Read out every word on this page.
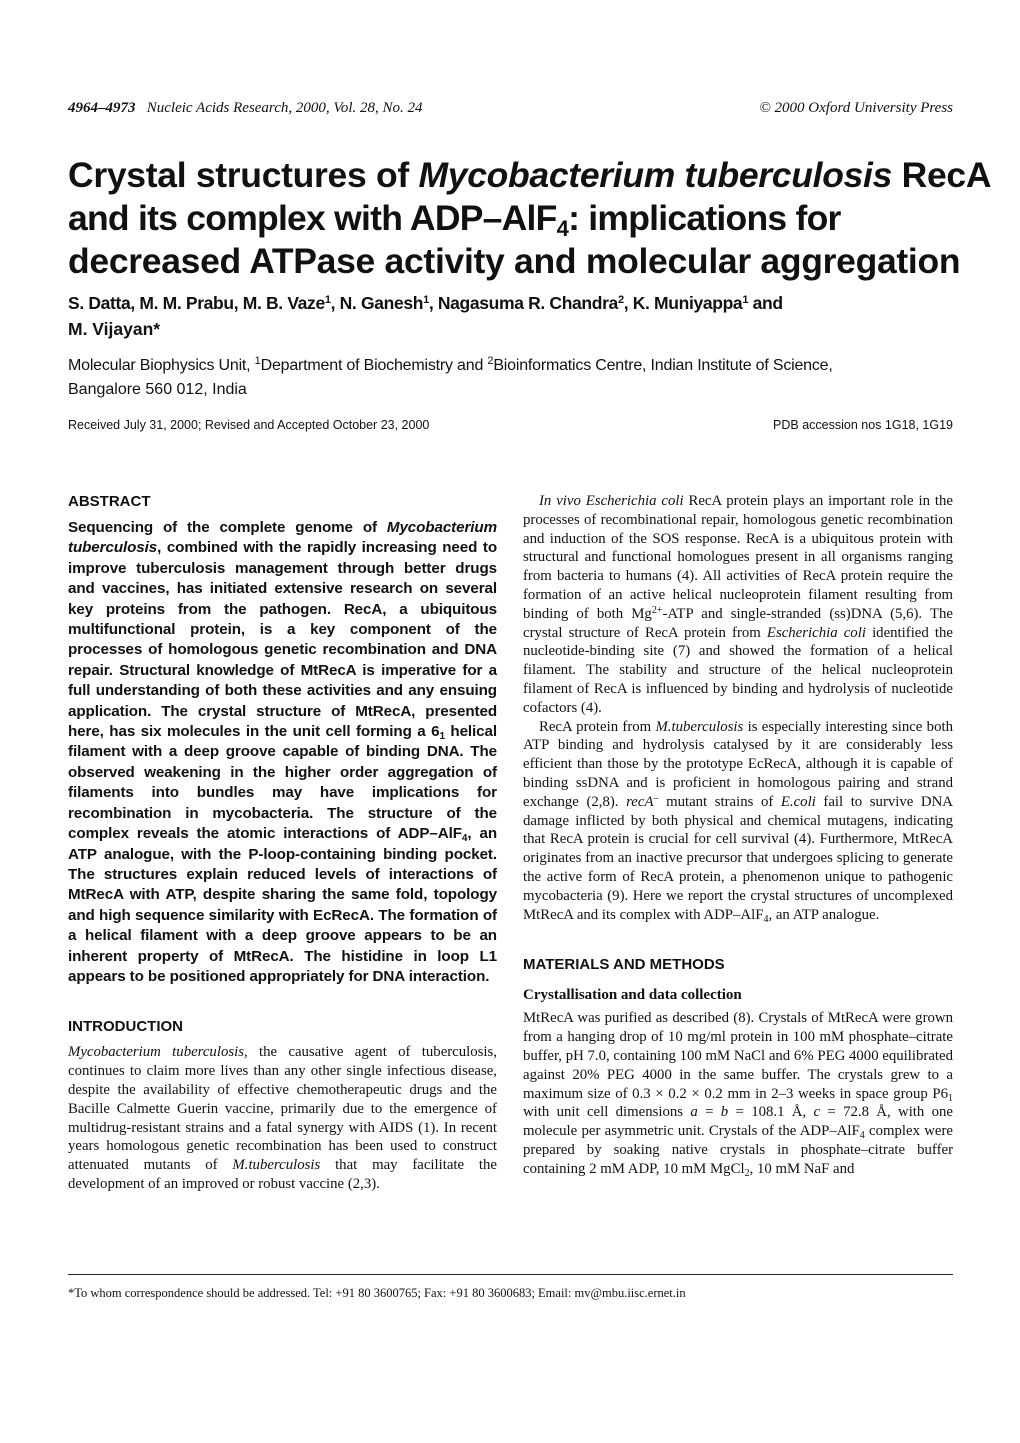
4964–4973 Nucleic Acids Research, 2000, Vol. 28, No. 24	© 2000 Oxford University Press
Crystal structures of Mycobacterium tuberculosis RecA
and its complex with ADP–AlF$_4$: implications for
decreased ATPase activity and molecular aggregation
S. Datta, M. M. Prabu, M. B. Vaze$^1$, N. Ganesh$^1$, Nagasuma R. Chandra$^2$, K. Muniyappa$^1$ and
M. Vijayan*
Molecular Biophysics Unit, $^1$Department of Biochemistry and $^2$Bioinformatics Centre, Indian Institute of Science,
Bangalore 560 012, India
Received July 31, 2000; Revised and Accepted October 23, 2000	PDB accession nos 1G18, 1G19
ABSTRACT
Sequencing of the complete genome of Mycobacterium tuberculosis, combined with the rapidly increasing need to improve tuberculosis management through better drugs and vaccines, has initiated extensive research on several key proteins from the pathogen. RecA, a ubiquitous multifunctional protein, is a key component of the processes of homologous genetic recombination and DNA repair. Structural knowledge of MtRecA is imperative for a full understanding of both these activities and any ensuing application. The crystal structure of MtRecA, presented here, has six molecules in the unit cell forming a $6_1$ helical filament with a deep groove capable of binding DNA. The observed weakening in the higher order aggregation of filaments into bundles may have implications for recombination in mycobacteria. The structure of the complex reveals the atomic interactions of ADP–AlF$_4$, an ATP analogue, with the P-loop-containing binding pocket. The structures explain reduced levels of interactions of MtRecA with ATP, despite sharing the same fold, topology and high sequence similarity with EcRecA. The formation of a helical filament with a deep groove appears to be an inherent property of MtRecA. The histidine in loop L1 appears to be positioned appropriately for DNA interaction.
INTRODUCTION

Mycobacterium tuberculosis, the causative agent of tuberculosis, continues to claim more lives than any other single infectious disease, despite the availability of effective chemotherapeutic drugs and the Bacille Calmette Guerin vaccine, primarily due to the emergence of multidrug-resistant strains and a fatal synergy with AIDS (1). In recent years homologous genetic recombination has been used to construct attenuated mutants of M.tuberculosis that may facilitate the development of an improved or robust vaccine (2,3).

In vivo Escherichia coli RecA protein plays an important role in the processes of recombinational repair, homologous genetic recombination and induction of the SOS response. RecA is a ubiquitous protein with structural and functional homologues present in all organisms ranging from bacteria to humans (4). All activities of RecA protein require the formation of an active helical nucleoprotein filament resulting from binding of both $Mg^{2+}$-ATP and single-stranded (ss)DNA (5,6). The crystal structure of RecA protein from Escherichia coli identified the nucleotide-binding site (7) and showed the formation of a helical filament. The stability and structure of the helical nucleoprotein filament of RecA is influenced by binding and hydrolysis of nucleotide cofactors (4).

RecA protein from M.tuberculosis is especially interesting since both ATP binding and hydrolysis catalysed by it are considerably less efficient than those by the prototype EcRecA, although it is capable of binding ssDNA and is proficient in homologous pairing and strand exchange (2,8). recA– mutant strains of E.coli fail to survive DNA damage inflicted by both physical and chemical mutagens, indicating that RecA protein is crucial for cell survival (4). Furthermore, MtRecA originates from an inactive precursor that undergoes splicing to generate the active form of RecA protein, a phenomenon unique to pathogenic mycobacteria (9). Here we report the crystal structures of uncomplexed MtRecA and its complex with ADP–AlF$_4$, an ATP analogue.

MATERIALS AND METHODS
Crystallisation and data collection

MtRecA was purified as described (8). Crystals of MtRecA were grown from a hanging drop of 10 mg/ml protein in 100 mM phosphate–citrate buffer, pH 7.0, containing 100 mM NaCl and 6% PEG 4000 equilibrated against 20% PEG 4000 in the same buffer. The crystals grew to a maximum size of 0.3 × 0.2 × 0.2 mm in 2–3 weeks in space group $P6_1$ with unit cell dimensions a = b = 108.1 Å, c = 72.8 Å, with one molecule per asymmetric unit. Crystals of the ADP–AlF$_4$ complex were prepared by soaking native crystals in phosphate–citrate buffer containing 2 mM ADP, 10 mM MgCl$_2$, 10 mM NaF and

*To whom correspondence should be addressed. Tel: +91 80 3600765; Fax: +91 80 3600683; Email: mv@mbu.iisc.ernet.in
